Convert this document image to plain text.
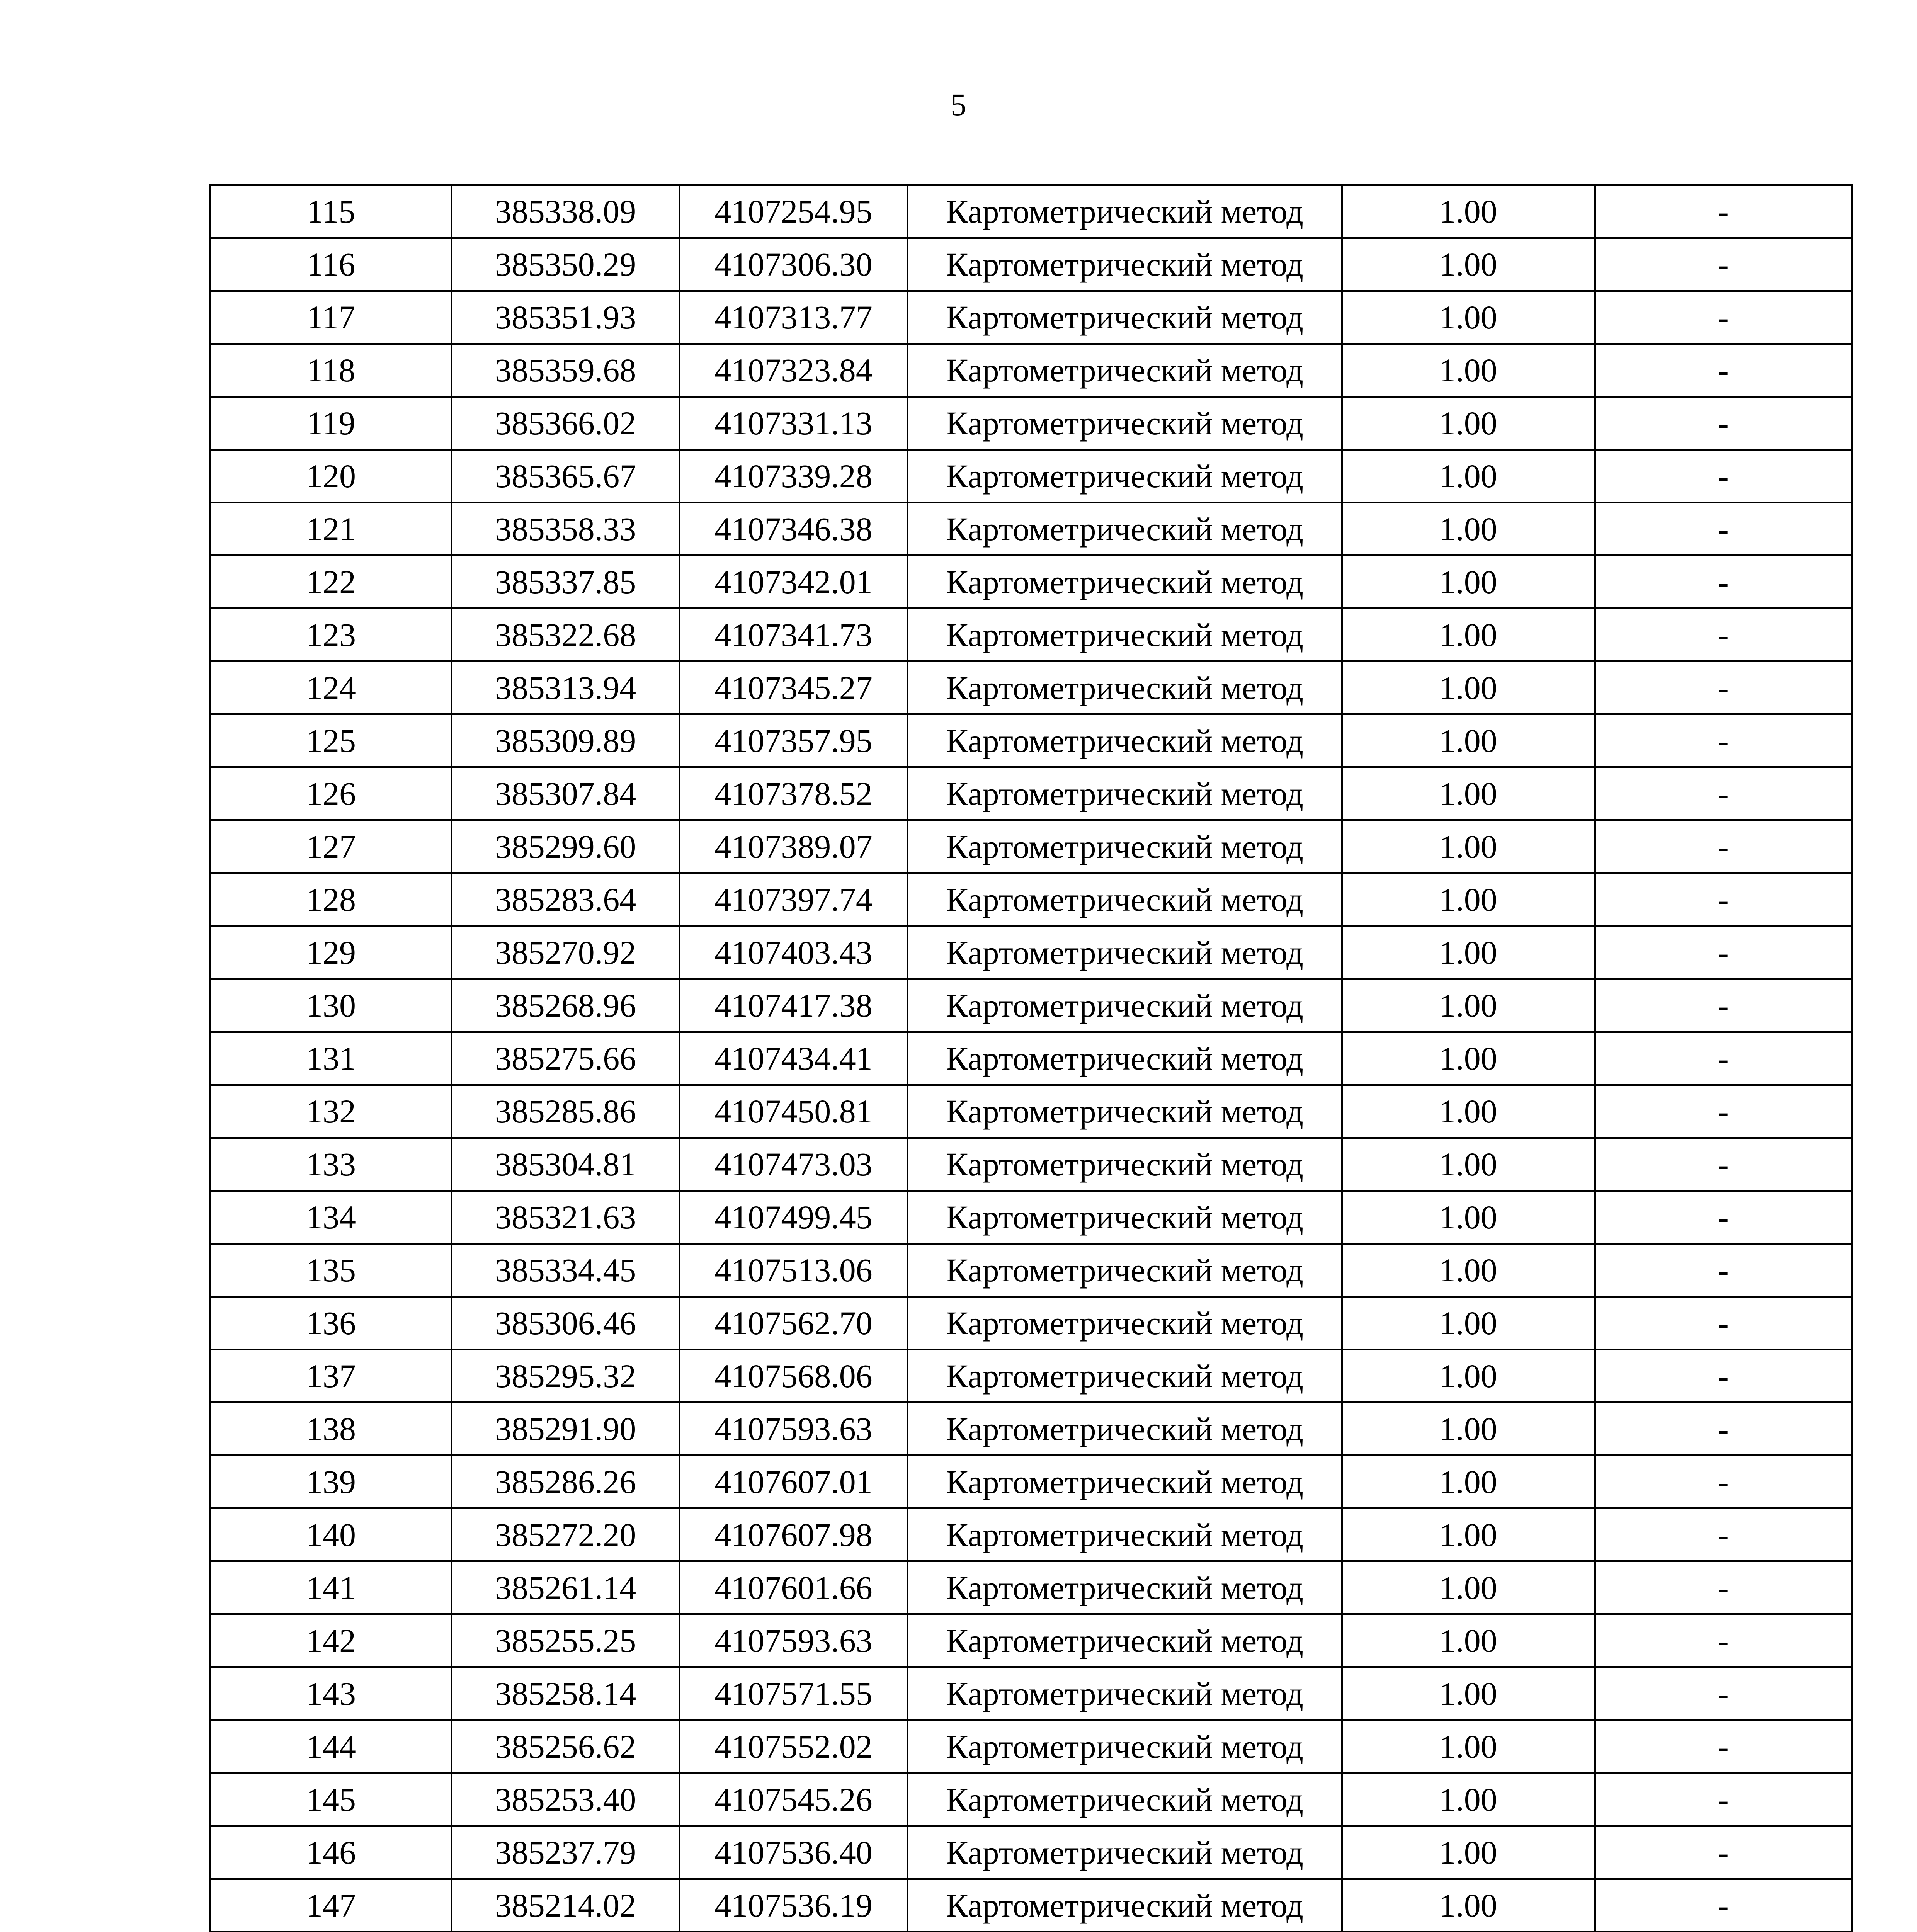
5
115	385338.09	4107254.95	Картометрический метод	1.00	-
116	385350.29	4107306.30	Картометрический метод	1.00	-
117	385351.93	4107313.77	Картометрический метод	1.00	-
118	385359.68	4107323.84	Картометрический метод	1.00	-
119	385366.02	4107331.13	Картометрический метод	1.00	-
120	385365.67	4107339.28	Картометрический метод	1.00	-
121	385358.33	4107346.38	Картометрический метод	1.00	-
122	385337.85	4107342.01	Картометрический метод	1.00	-
123	385322.68	4107341.73	Картометрический метод	1.00	-
124	385313.94	4107345.27	Картометрический метод	1.00	-
125	385309.89	4107357.95	Картометрический метод	1.00	-
126	385307.84	4107378.52	Картометрический метод	1.00	-
127	385299.60	4107389.07	Картометрический метод	1.00	-
128	385283.64	4107397.74	Картометрический метод	1.00	-
129	385270.92	4107403.43	Картометрический метод	1.00	-
130	385268.96	4107417.38	Картометрический метод	1.00	-
131	385275.66	4107434.41	Картометрический метод	1.00	-
132	385285.86	4107450.81	Картометрический метод	1.00	-
133	385304.81	4107473.03	Картометрический метод	1.00	-
134	385321.63	4107499.45	Картометрический метод	1.00	-
135	385334.45	4107513.06	Картометрический метод	1.00	-
136	385306.46	4107562.70	Картометрический метод	1.00	-
137	385295.32	4107568.06	Картометрический метод	1.00	-
138	385291.90	4107593.63	Картометрический метод	1.00	-
139	385286.26	4107607.01	Картометрический метод	1.00	-
140	385272.20	4107607.98	Картометрический метод	1.00	-
141	385261.14	4107601.66	Картометрический метод	1.00	-
142	385255.25	4107593.63	Картометрический метод	1.00	-
143	385258.14	4107571.55	Картометрический метод	1.00	-
144	385256.62	4107552.02	Картометрический метод	1.00	-
145	385253.40	4107545.26	Картометрический метод	1.00	-
146	385237.79	4107536.40	Картометрический метод	1.00	-
147	385214.02	4107536.19	Картометрический метод	1.00	-
